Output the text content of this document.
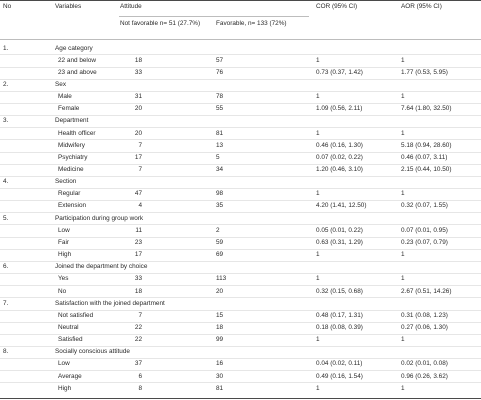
No	Variables	Attitude	COR (95% CI)	AOR (95% CI)
Not favorable n= 51 (27.7%)	Favorable, n= 133 (72%)
1.	Age category
22 and below	18	57	1	1
23 and above	33	76	0.73 (0.37, 1.42)	1.77 (0.53, 5.95)
2.	Sex
Male	31	78	1	1
Female	20	55	1.09 (0.56, 2.11)	7.64 (1.80, 32.50)
3.	Department
Health officer	20	81	1	1
Midwifery	7	13	0.46 (0.16, 1.30)	5.18 (0.94, 28.60)
Psychiatry	17	5	0.07 (0.02, 0.22)	0.46 (0.07, 3.11)
Medicine	7	34	1.20 (0.46, 3.10)	2.15 (0.44, 10.50)
4.	Section
Regular	47	98	1	1
Extension	4	35	4.20 (1.41, 12.50)	0.32 (0.07, 1.55)
5.	Participation during group work
Low	11	2	0.05 (0.01, 0.22)	0.07 (0.01, 0.95)
Fair	23	59	0.63 (0.31, 1.29)	0.23 (0.07, 0.79)
High	17	69	1	1
6.	Joined the department by choice
Yes	33	113	1	1
No	18	20	0.32 (0.15, 0.68)	2.67 (0.51, 14.26)
7.	Satisfaction with the joined department
Not satisfied	7	15	0.48 (0.17, 1.31)	0.31 (0.08, 1.23)
Neutral	22	18	0.18 (0.08, 0.39)	0.27 (0.06, 1.30)
Satisfied	22	99	1	1
8.	Socially conscious attitude
Low	37	16	0.04 (0.02, 0.11)	0.02 (0.01, 0.08)
Average	6	30	0.49 (0.16, 1.54)	0.96 (0.26, 3.62)
High	8	81	1	1
